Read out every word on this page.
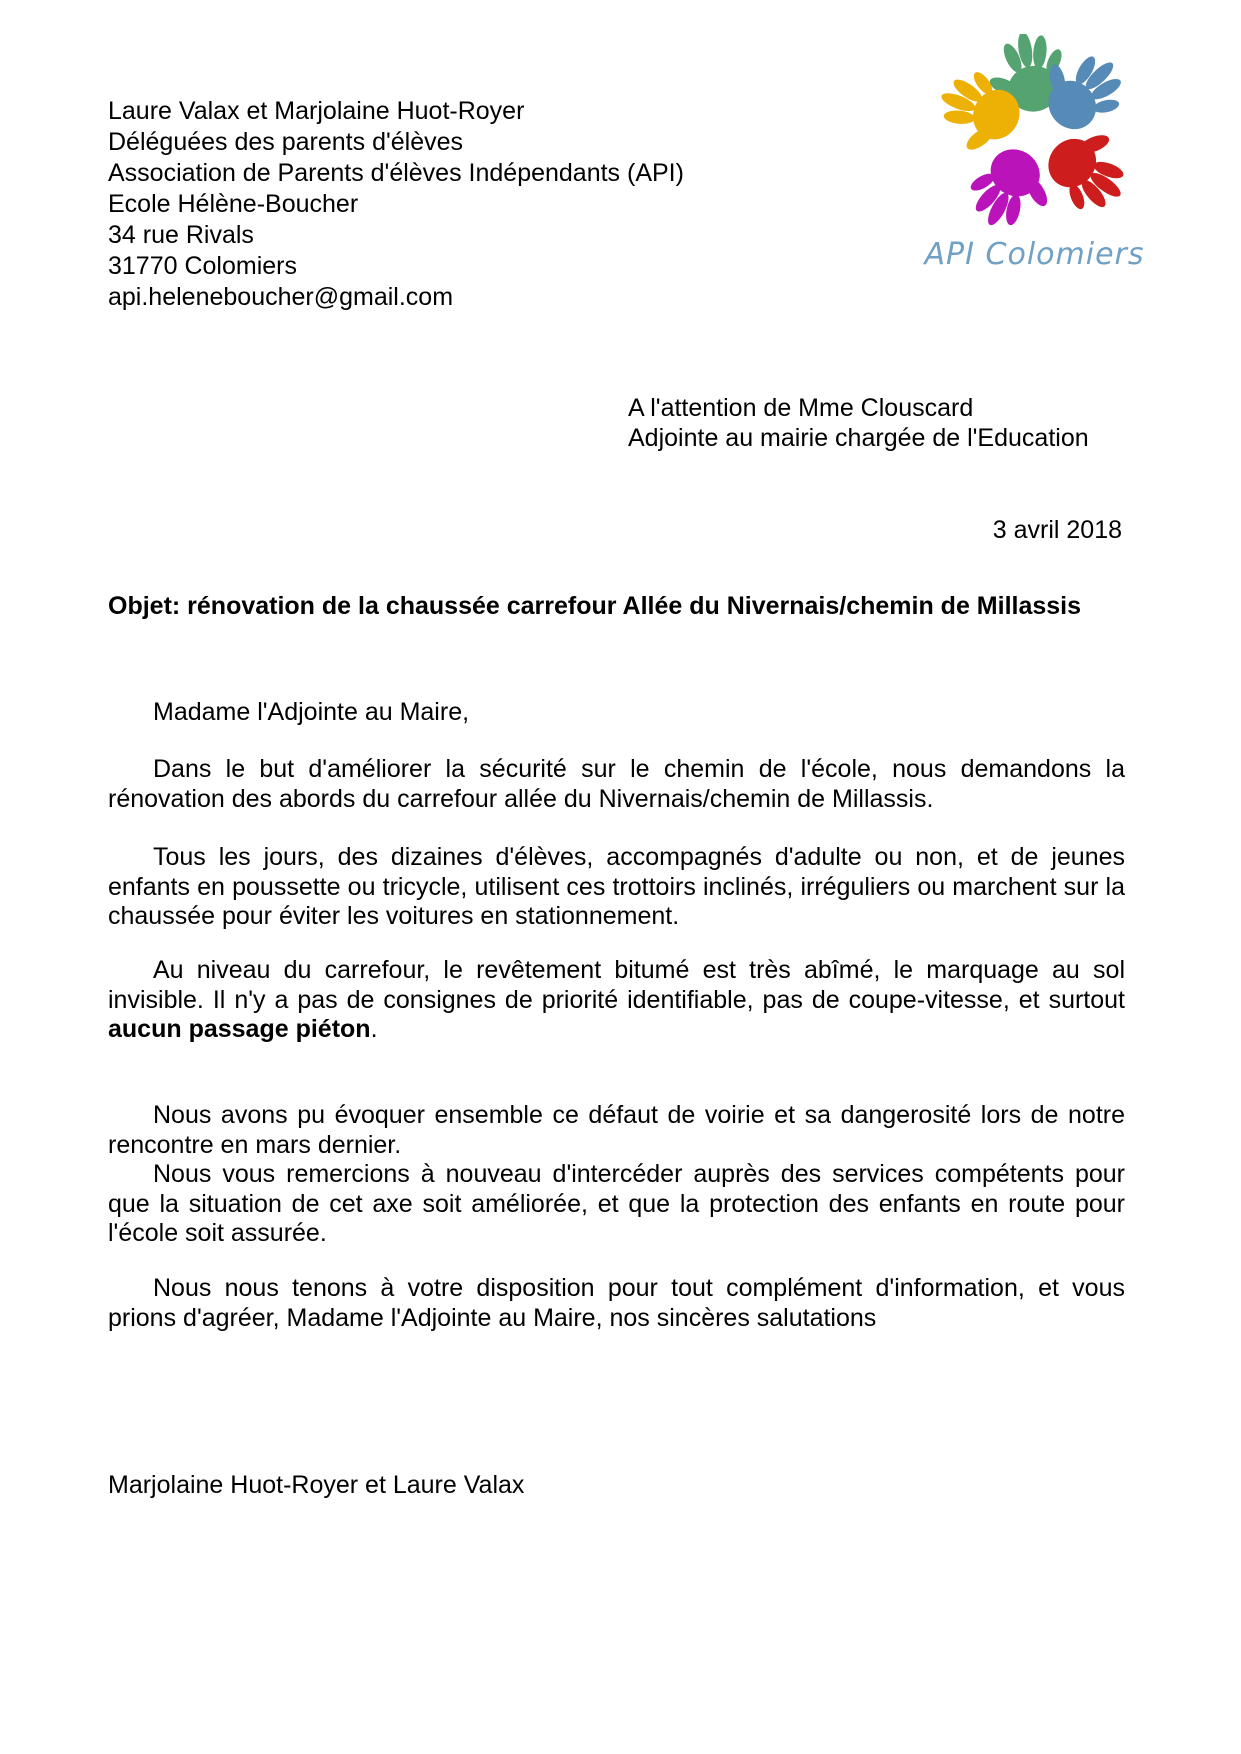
Laure Valax et Marjolaine Huot-Royer
Déléguées des parents d'élèves
Association de Parents d'élèves Indépendants (API)
Ecole Hélène-Boucher
34 rue Rivals
31770 Colomiers
api.heleneboucher@gmail.com
API Colomiers
A l'attention de Mme Clouscard
Adjointe au mairie chargée de l'Education
3 avril 2018
Objet: rénovation de la chaussée carrefour Allée du Nivernais/chemin de Millassis

Madame l'Adjointe au Maire,

Dans le but d'améliorer la sécurité sur le chemin de l'école, nous demandons la rénovation des abords du carrefour allée du Nivernais/chemin de Millassis.

Tous les jours, des dizaines d'élèves, accompagnés d'adulte ou non, et de jeunes enfants en poussette ou tricycle, utilisent ces trottoirs inclinés, irréguliers ou marchent sur la chaussée pour éviter les voitures en stationnement.

Au niveau du carrefour, le revêtement bitumé est très abîmé, le marquage au sol invisible. Il n'y a pas de consignes de priorité identifiable, pas de coupe-vitesse, et surtout aucun passage piéton.

Nous avons pu évoquer ensemble ce défaut de voirie et sa dangerosité lors de notre rencontre en mars dernier.

Nous vous remercions à nouveau d'intercéder auprès des services compétents pour que la situation de cet axe soit améliorée, et que la protection des enfants en route pour l'école soit assurée.

Nous nous tenons à votre disposition pour tout complément d'information, et vous prions d'agréer, Madame l'Adjointe au Maire, nos sincères salutations

Marjolaine Huot-Royer et Laure Valax
